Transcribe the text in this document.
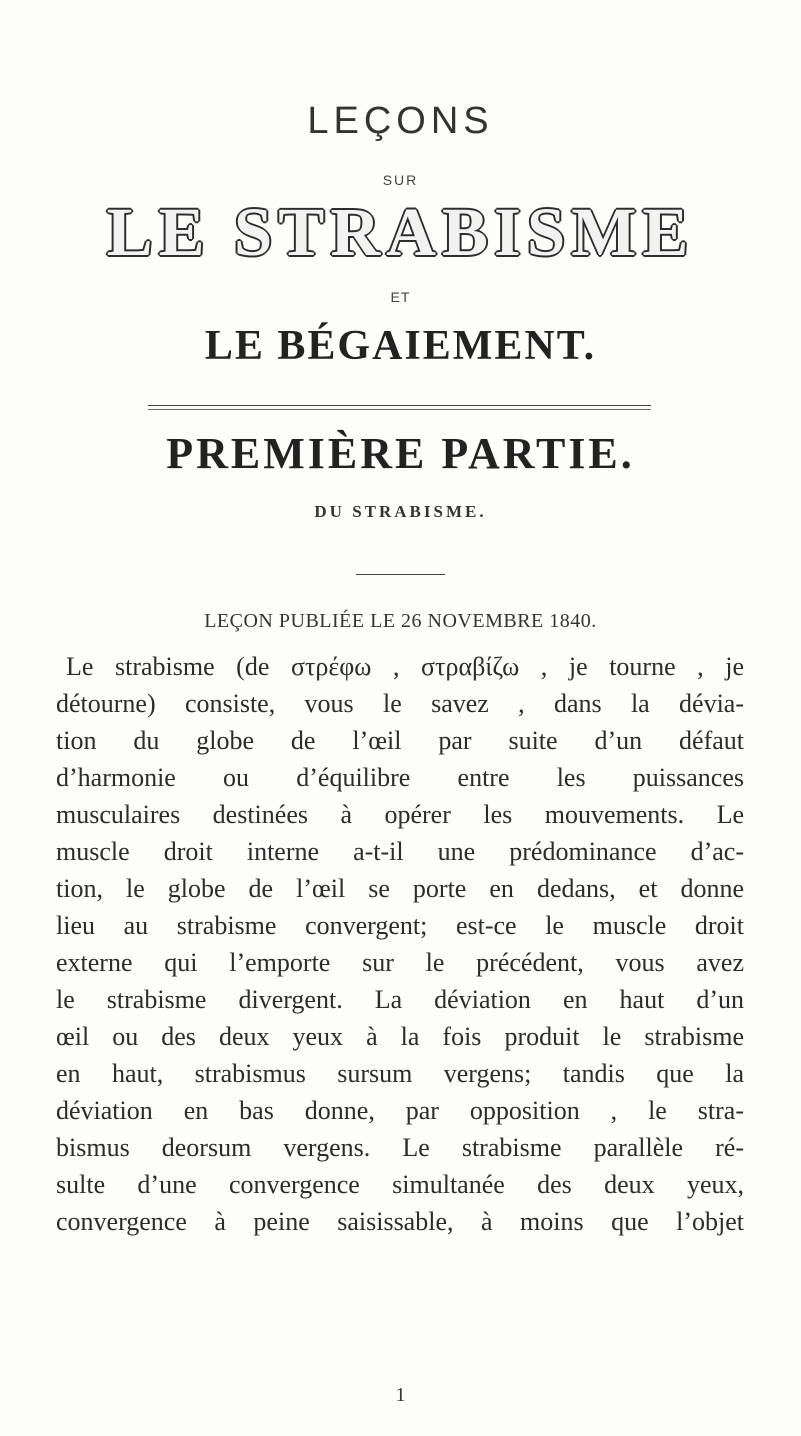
LEÇONS
SUR
LE STRABISME
ET
LE BÉGAIEMENT.
PREMIÈRE PARTIE.
DU STRABISME.
LEÇON PUBLIÉE LE 26 NOVEMBRE 1840.
Le strabisme (de στρέφω , στραβίζω , je tourne , je
détourne) consiste, vous le savez , dans la dévia-
tion du globe de l’œil par suite d’un défaut
d’harmonie ou d’équilibre entre les puissances
musculaires destinées à opérer les mouvements. Le
muscle droit interne a-t-il une prédominance d’ac-
tion, le globe de l’œil se porte en dedans, et donne
lieu au strabisme convergent; est-ce le muscle droit
externe qui l’emporte sur le précédent, vous avez
le strabisme divergent. La déviation en haut d’un
œil ou des deux yeux à la fois produit le strabisme
en haut, strabismus sursum vergens; tandis que la
déviation en bas donne, par opposition , le stra-
bismus deorsum vergens. Le strabisme parallèle ré-
sulte d’une convergence simultanée des deux yeux,
convergence à peine saisissable, à moins que l’objet
1
